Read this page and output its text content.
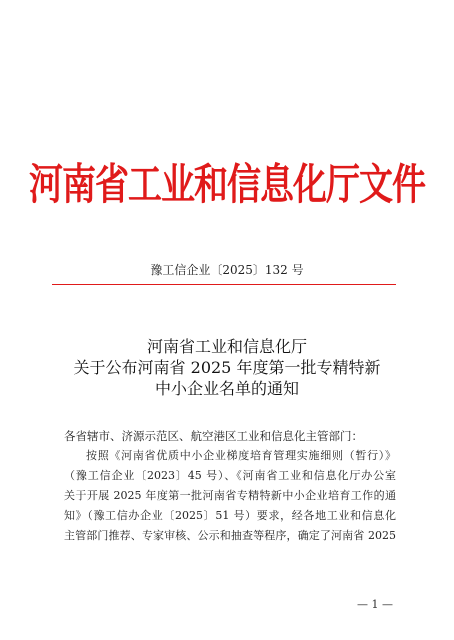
河南省工业和信息化厅文件
豫工信企业〔2025〕132 号
河南省工业和信息化厅
关于公布河南省 2025 年度第一批专精特新
中小企业名单的通知
各省辖市、济源示范区、航空港区工业和信息化主管部门：
按照《河南省优质中小企业梯度培育管理实施细则（暂行）》
（豫工信企业〔2023〕45 号）、《河南省工业和信息化厅办公室
关于开展 2025 年度第一批河南省专精特新中小企业培育工作的通
知》（豫工信办企业〔2025〕51 号）要求，经各地工业和信息化
主管部门推荐、专家审核、公示和抽查等程序，确定了河南省 2025
— 1 —
